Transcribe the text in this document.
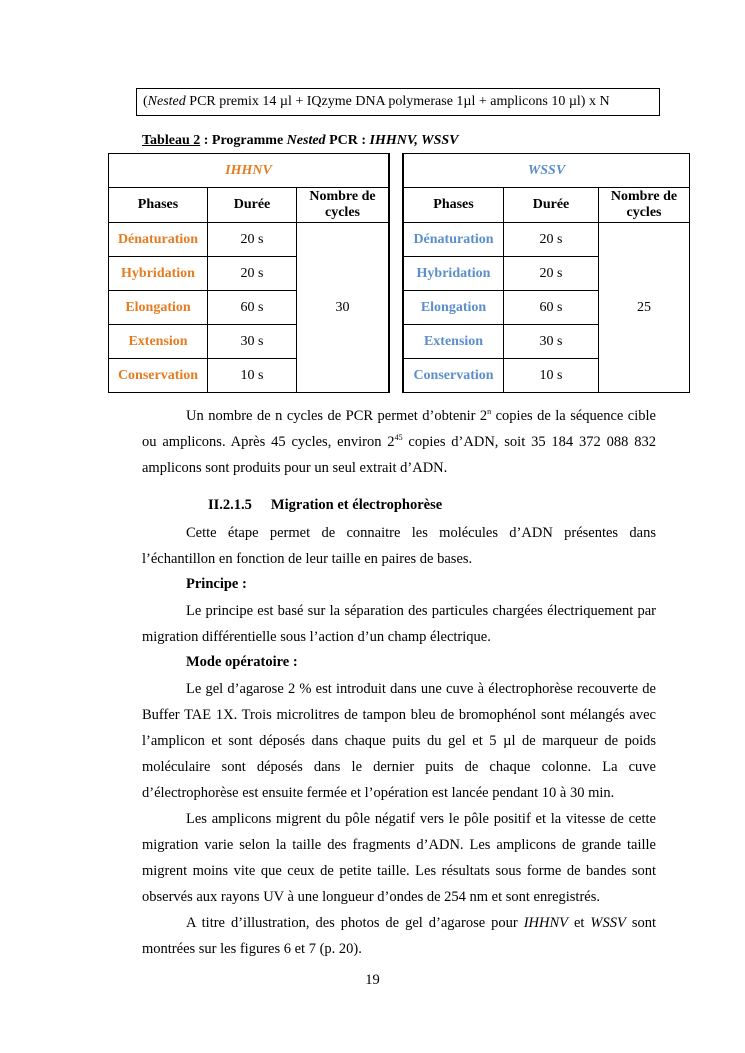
(Nested PCR premix 14 µl + IQzyme DNA polymerase 1µl + amplicons 10 µl) x N
Tableau 2 : Programme Nested PCR : IHHNV, WSSV
IHHNV		
Phases	Durée	Nombre de cycles
Dénaturation	20 s	30
Hybridation	20 s	
Elongation	60 s	
Extension	30 s	
Conservation	10 s	
WSSV		
Phases	Durée	Nombre de cycles
Dénaturation	20 s	25
Hybridation	20 s	
Elongation	60 s	
Extension	30 s	
Conservation	10 s	

Un nombre de n cycles de PCR permet d’obtenir 2$^n$ copies de la séquence cible ou amplicons. Après 45 cycles, environ $2^{45}$ copies d’ADN, soit 35 184 372 088 832 amplicons sont produits pour un seul extrait d’ADN.

II.2.1.5 Migration et électrophorèse

Cette étape permet de connaitre les molécules d’ADN présentes dans l’échantillon en fonction de leur taille en paires de bases.

Principe :

Le principe est basé sur la séparation des particules chargées électriquement par migration différentielle sous l’action d’un champ électrique.

Mode opératoire :

Le gel d’agarose 2 % est introduit dans une cuve à électrophorèse recouverte de Buffer TAE 1X. Trois microlitres de tampon bleu de bromophénol sont mélangés avec l’amplicon et sont déposés dans chaque puits du gel et 5 µl de marqueur de poids moléculaire sont déposés dans le dernier puits de chaque colonne. La cuve d’électrophorèse est ensuite fermée et l’opération est lancée pendant 10 à 30 min.

Les amplicons migrent du pôle négatif vers le pôle positif et la vitesse de cette migration varie selon la taille des fragments d’ADN. Les amplicons de grande taille migrent moins vite que ceux de petite taille. Les résultats sous forme de bandes sont observés aux rayons UV à une longueur d’ondes de 254 nm et sont enregistrés.

A titre d’illustration, des photos de gel d’agarose pour IHHNV et WSSV sont montrées sur les figures 6 et 7 (p. 20).

19
